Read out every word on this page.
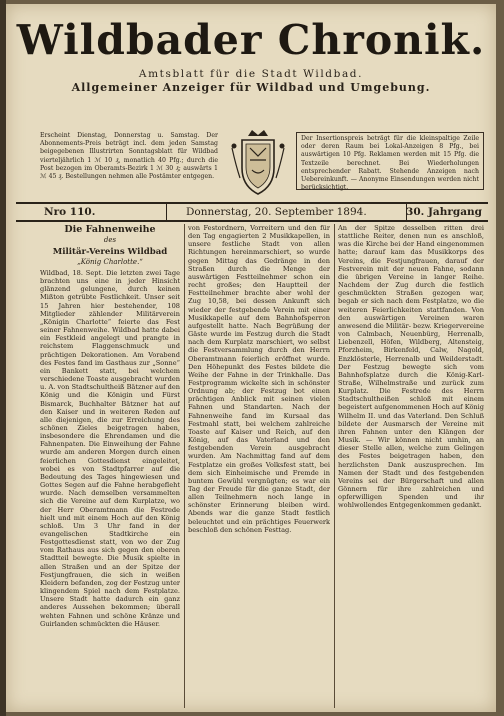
Wildbader Chronik.
Amtsblatt für die Stadt Wildbad.
Allgemeiner Anzeiger für Wildbad und Umgebung.
Erscheint Dienstag, Donnerstag u. Samstag. Der Abonnements-Preis beträgt incl. dem jeden Samstag beigegebenen Illustrirten Sonntagsblatt für Wildbad vierteljährlich 1 ℳ 10 ₰, monatlich 40 Pfg.; durch die Post bezogen im Oberamts-Bezirk 1 ℳ 30 ₰; auswärts 1 ℳ 45 ₰. Bestellungen nehmen alle Postämter entgegen.
Der Insertionspreis beträgt für die kleinspaltige Zeile oder deren Raum bei Lokal-Anzeigen 8 Pfg., bei auswärtigen 10 Pfg. Reklamen werden mit 15 Pfg. die Textzeile berechnet. Bei Wiederholungen entsprechender Rabatt. Stehende Anzeigen nach Uebereinkunft. — Anonyme Einsendungen werden nicht berücksichtigt.
Nro 110.	Donnerstag, 20. September 1894.	30. Jahrgang
Die Fahnenweihe
des
Militär-Vereins Wildbad
„König Charlotte.“

Wildbad, 18. Sept. Die letzten zwei Tage brachten uns eine in jeder Hinsicht glänzend gelungene, durch keinen Mißton getrübte Festlichkeit. Unser seit 15 Jahren hier bestehender, 108 Mitglieder zählender Militärverein „Königin Charlotte“ feierte das Fest seiner Fahnenweihe. Wildbad hatte dabei ein Festkleid angelegt und prangte in reichstem Flaggenschmuck und prächtigen Dekorationen. Am Vorabend des Festes fand im Gasthaus zur „Sonne“ ein Bankett statt, bei welchem verschiedene Toaste ausgebracht wurden u. A. von Stadtschultheiß Bätzner auf den König und die Königin und Fürst Bismarck, Buchhalter Bätzner hat auf den Kaiser und in weiteren Reden auf alle diejenigen, die zur Erreichung des schönen Zieles beigetragen haben, insbesondere die Ehrendamen und die Fahnenpaten. Die Einweihung der Fahne wurde am anderen Morgen durch einen feierlichen Gottesdienst eingeleitet, wobei es von Stadtpfarrer auf die Bedeutung des Tages hingewiesen und Gottes Segen auf die Fahne herabgefleht wurde. Nach demselben versammelten sich die Vereine auf dem Kurplatze, wo der Herr Oberamtmann die Festrede hielt und mit einem Hoch auf den König schloß. Um 3 Uhr fand in der evangelischen Stadtkirche ein Festgottesdienst statt, von wo der Zug vom Rathaus aus sich gegen den oberen Stadtteil bewegte. Die Musik spielte in allen Straßen und an der Spitze der Festjungfrauen, die sich in weißen Kleidern befanden, zog der Festzug unter klingendem Spiel nach dem Festplatze. Unsere Stadt hatte dadurch ein ganz anderes Aussehen bekommen; überall wehten Fahnen und schöne Kränze und Guirlanden schmückten die Häuser.

von Festordnern, Vorreitern und den für den Tag engagierten 2 Musikkapellen, in unsere festliche Stadt von allen Richtungen hereinmarschiert, so wurde gegen Mittag das Gedränge in den Straßen durch die Menge der auswärtigen Festteilnehmer schon ein recht großes; den Hauptteil der Festteilnehmer brachte aber wohl der Zug 10,58, bei dessen Ankunft sich wieder der festgebende Verein mit einer Musikkapelle auf dem Bahnhofsperron aufgestellt hatte. Nach Begrüßung der Gäste wurde im Festzug durch die Stadt nach dem Kurplatz marschiert, wo selbst die Festversammlung durch den Herrn Oberamtmann feierlich eröffnet wurde. Den Höhepunkt des Festes bildete die Weihe der Fahne in der Trinkhalle. Das Festprogramm wickelte sich in schönster Ordnung ab; der Festzug bot einen prächtigen Anblick mit seinen vielen Fahnen und Standarten. Nach der Fahnenweihe fand im Kursaal das Festmahl statt, bei welchem zahlreiche Toaste auf Kaiser und Reich, auf den König, auf das Vaterland und den festgebenden Verein ausgebracht wurden. Am Nachmittag fand auf dem Festplatze ein großes Volksfest statt, bei dem sich Einheimische und Fremde in buntem Gewühl vergnügten; es war ein Tag der Freude für die ganze Stadt, der allen Teilnehmern noch lange in schönster Erinnerung bleiben wird. Abends war die ganze Stadt festlich beleuchtet und ein prächtiges Feuerwerk beschloß den schönen Festtag.

An der Spitze desselben ritten drei stattliche Reiter, denen nun es anschloß, was die Kirche bei der Hand eingenommen hatte; darauf kam das Musikkorps des Vereins, die Festjungfrauen, darauf der Festverein mit der neuen Fahne, sodann die übrigen Vereine in langer Reihe. Nachdem der Zug durch die festlich geschmückten Straßen gezogen war, begab er sich nach dem Festplatze, wo die weiteren Feierlichkeiten stattfanden. Von den auswärtigen Vereinen waren anwesend die Militär- bezw. Kriegervereine von Calmbach, Neuenbürg, Herrenalb, Liebenzell, Höfen, Wildberg, Altensteig, Pforzheim, Birkenfeld, Calw, Nagold, Enzklösterle, Herrenalb und Weilderstadt. Der Festzug bewegte sich vom Bahnhofsplatze durch die König-Karl-Straße, Wilhelmstraße und zurück zum Kurplatz. Die Festrede des Herrn Stadtschultheißen schloß mit einem begeistert aufgenommenen Hoch auf König Wilhelm II. und das Vaterland. Den Schluß bildete der Ausmarsch der Vereine mit ihren Fahnen unter den Klängen der Musik. — Wir können nicht umhin, an dieser Stelle allen, welche zum Gelingen des Festes beigetragen haben, den herzlichsten Dank auszusprechen. Im Namen der Stadt und des festgebenden Vereins sei der Bürgerschaft und allen Gönnern für ihre zahlreichen und opferwilligen Spenden und ihr wohlwollendes Entgegenkommen gedankt.
